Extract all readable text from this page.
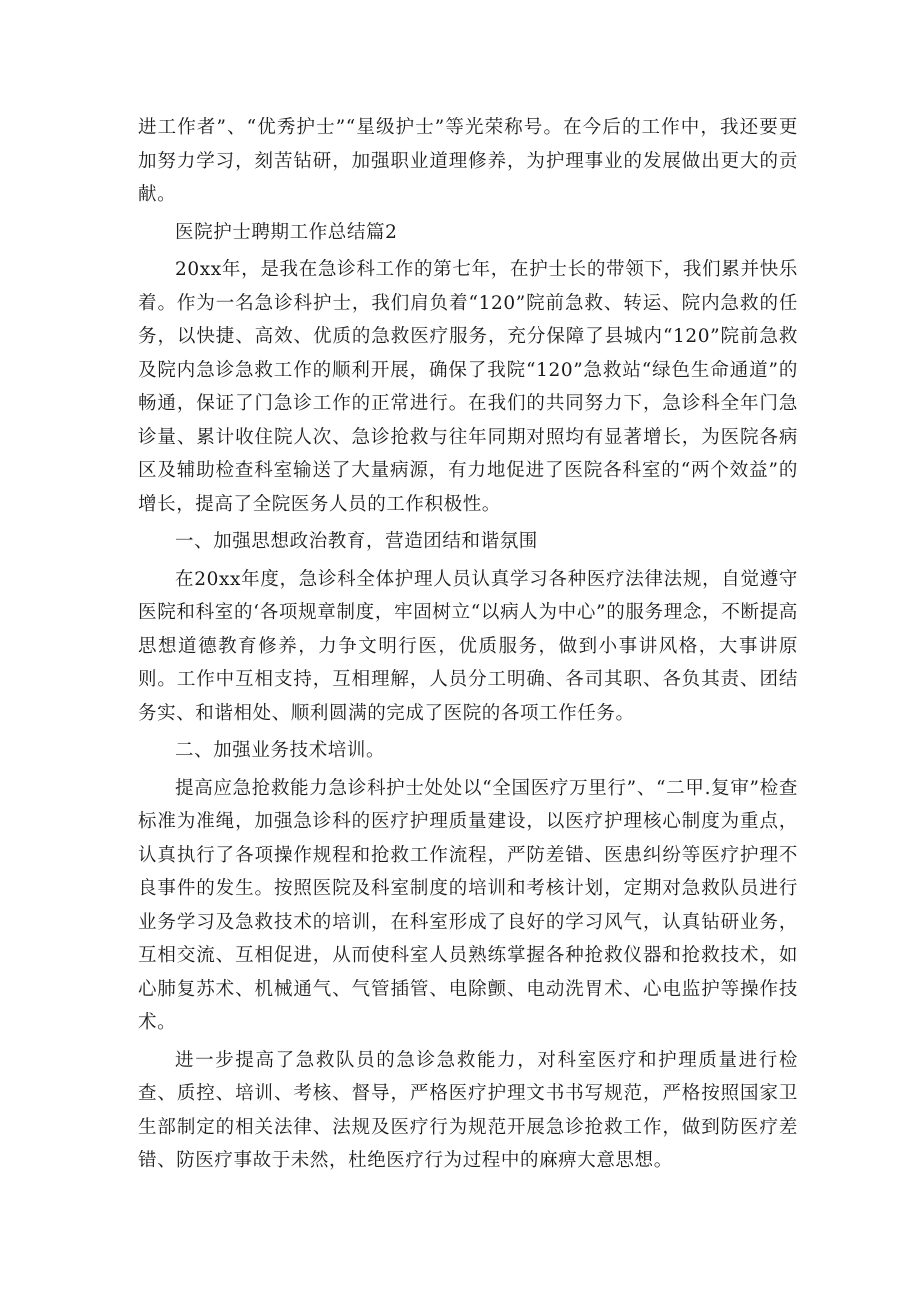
进工作者”、“优秀护士”“星级护士”等光荣称号。在今后的工作中，我还要更加努力学习，刻苦钻研，加强职业道理修养，为护理事业的发展做出更大的贡献。

医院护士聘期工作总结篇2

20xx年，是我在急诊科工作的第七年，在护士长的带领下，我们累并快乐着。作为一名急诊科护士，我们肩负着“120”院前急救、转运、院内急救的任务，以快捷、高效、优质的急救医疗服务，充分保障了县城内“120”院前急救及院内急诊急救工作的顺利开展，确保了我院“120”急救站“绿色生命通道”的畅通，保证了门急诊工作的正常进行。在我们的共同努力下，急诊科全年门急诊量、累计收住院人次、急诊抢救与往年同期对照均有显著增长，为医院各病区及辅助检查科室输送了大量病源，有力地促进了医院各科室的“两个效益”的增长，提高了全院医务人员的工作积极性。

一、加强思想政治教育，营造团结和谐氛围

在20xx年度，急诊科全体护理人员认真学习各种医疗法律法规，自觉遵守医院和科室的‘各项规章制度，牢固树立“以病人为中心”的服务理念，不断提高思想道德教育修养，力争文明行医，优质服务，做到小事讲风格，大事讲原则。工作中互相支持，互相理解，人员分工明确、各司其职、各负其责、团结务实、和谐相处、顺利圆满的完成了医院的各项工作任务。

二、加强业务技术培训。

提高应急抢救能力急诊科护士处处以“全国医疗万里行”、“二甲.复审”检查标准为准绳，加强急诊科的医疗护理质量建设，以医疗护理核心制度为重点，认真执行了各项操作规程和抢救工作流程，严防差错、医患纠纷等医疗护理不良事件的发生。按照医院及科室制度的培训和考核计划，定期对急救队员进行业务学习及急救技术的培训，在科室形成了良好的学习风气，认真钻研业务，互相交流、互相促进，从而使科室人员熟练掌握各种抢救仪器和抢救技术，如心肺复苏术、机械通气、气管插管、电除颤、电动洗胃术、心电监护等操作技术。

进一步提高了急救队员的急诊急救能力，对科室医疗和护理质量进行检查、质控、培训、考核、督导，严格医疗护理文书书写规范，严格按照国家卫生部制定的相关法律、法规及医疗行为规范开展急诊抢救工作，做到防医疗差错、防医疗事故于未然，杜绝医疗行为过程中的麻痹大意思想。
